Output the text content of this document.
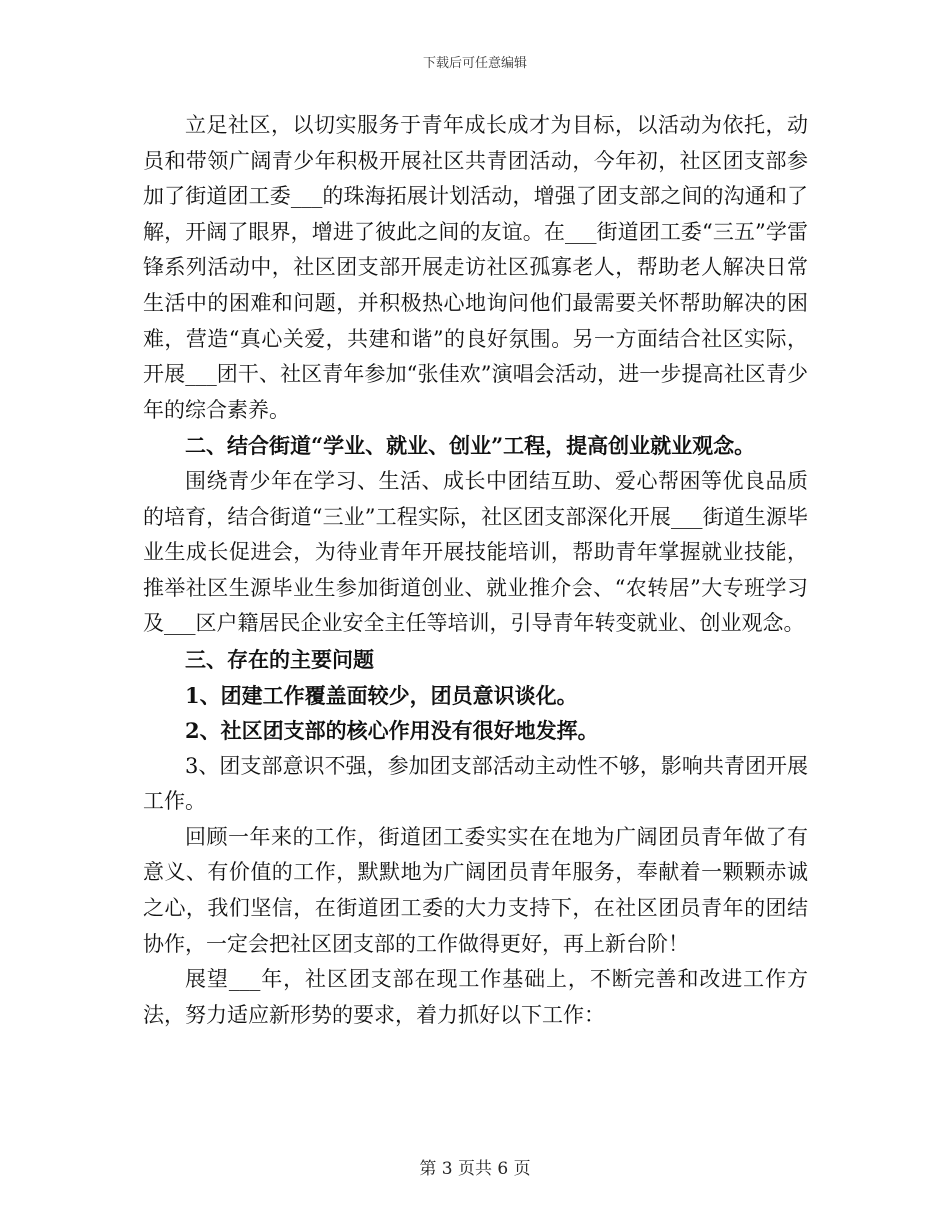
下载后可任意编辑

立足社区，以切实服务于青年成长成才为目标，以活动为依托，动员和带领广阔青少年积极开展社区共青团活动，今年初，社区团支部参加了街道团工委___的珠海拓展计划活动，增强了团支部之间的沟通和了解，开阔了眼界，增进了彼此之间的友谊。在___街道团工委“三五”学雷锋系列活动中，社区团支部开展走访社区孤寡老人，帮助老人解决日常生活中的困难和问题，并积极热心地询问他们最需要关怀帮助解决的困难，营造“真心关爱，共建和谐”的良好氛围。另一方面结合社区实际，开展___团干、社区青年参加“张佳欢”演唱会活动，进一步提高社区青少年的综合素养。

二、结合街道“学业、就业、创业”工程，提高创业就业观念。

围绕青少年在学习、生活、成长中团结互助、爱心帮困等优良品质的培育，结合街道“三业”工程实际，社区团支部深化开展___街道生源毕业生成长促进会，为待业青年开展技能培训，帮助青年掌握就业技能，推举社区生源毕业生参加街道创业、就业推介会、“农转居”大专班学习及___区户籍居民企业安全主任等培训，引导青年转变就业、创业观念。

三、存在的主要问题

1、团建工作覆盖面较少，团员意识谈化。

2、社区团支部的核心作用没有很好地发挥。

3、团支部意识不强，参加团支部活动主动性不够，影响共青团开展工作。

回顾一年来的工作，街道团工委实实在在地为广阔团员青年做了有意义、有价值的工作，默默地为广阔团员青年服务，奉献着一颗颗赤诚之心，我们坚信，在街道团工委的大力支持下，在社区团员青年的团结协作，一定会把社区团支部的工作做得更好，再上新台阶！

展望___年，社区团支部在现工作基础上，不断完善和改进工作方法，努力适应新形势的要求，着力抓好以下工作：

第 3 页共 6 页
